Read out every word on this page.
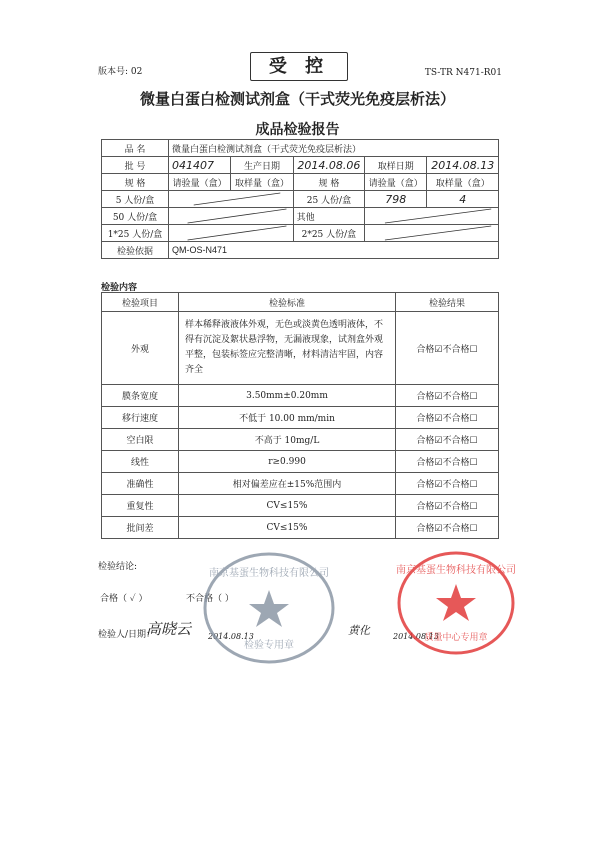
版本号: 02	受 控	TS-TR N471-R01
微量白蛋白检测试剂盒（干式荧光免疫层析法）
成品检验报告
品 名	微量白蛋白检测试剂盒（干式荧光免疫层析法）				
批 号	041407	生产日期	2014.08.06	取样日期	2014.08.13
规 格	请验量（盒）	取样量（盒）	规 格	请验量（盒）	取样量（盒）
5 人份/盒			25 人份/盒	798	4
50 人份/盒			其他	

1*25 人份/盒			2*25 人份/盒	

检验依据	QM-OS-N471				
检验内容
检验项目	检验标准	检验结果
外观	样本稀释液液体外观，无色或淡黄色透明液体，不得有沉淀及絮状悬浮物，无漏液现象，试剂盒外观平整，包装标签应完整清晰，材料清洁牢固，内容齐全	合格☑不合格☐
膜条宽度	3.50mm±0.20mm	合格☑不合格☐
移行速度	不低于 10.00 mm/min	合格☑不合格☐
空白限	不高于 10mg/L	合格☑不合格☐
线性	r≥0.990	合格☑不合格☐
准确性	相对偏差应在±15%范围内	合格☑不合格☐
重复性	CV≤15%	合格☑不合格☐
批间差	CV≤15%	合格☑不合格☐
检验结论:
合格（ ✓ ）	不合格（ ）
检验人/日期：
高晓云 2014.08.13	黄化	2014.08.13
南京基蛋生物科技有限公司
检验专用章
南京基蛋生物科技有限公司
质量中心专用章
